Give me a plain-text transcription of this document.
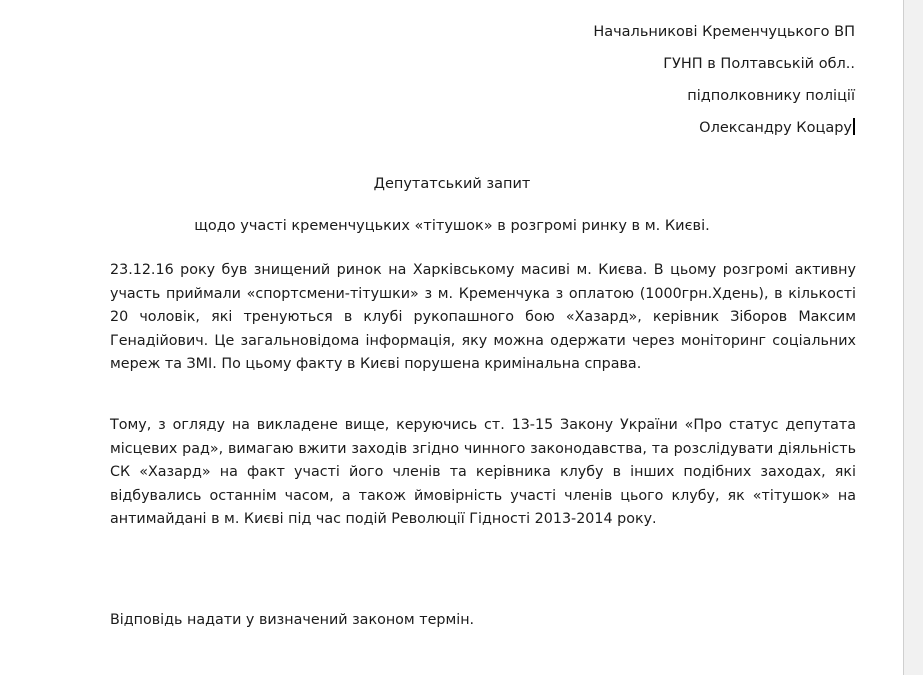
Начальникові Кременчуцького ВП
ГУНП в Полтавській обл..
підполковнику поліції
Олександру Коцару
Депутатський запит
щодо участі кременчуцьких «тітушок» в розгромі ринку в м. Києві.
23.12.16 року був знищений ринок на Харківському масиві м. Києва. В цьому розгромі активну участь приймали «спортсмени-тітушки» з м. Кременчука з оплатою (1000грн.Хдень), в кількості 20 чоловік, які тренуються в клубі рукопашного бою «Хазард», керівник Зіборов Максим Генадійович. Це загальновідома інформація, яку можна одержати через моніторинг соціальних мереж та ЗМІ. По цьому факту в Києві порушена кримінальна справа.
Тому, з огляду на викладене вище, керуючись ст. 13-15 Закону України «Про статус депутата місцевих рад», вимагаю вжити заходів згідно чинного законодавства, та розслідувати діяльність СК «Хазард» на факт участі його членів та керівника клубу в інших подібних заходах, які відбувались останнім часом, а також ймовірність участі членів цього клубу, як «тітушок» на антимайдані в м. Києві під час подій Революції Гідності 2013-2014 року.
Відповідь надати у визначений законом термін.
